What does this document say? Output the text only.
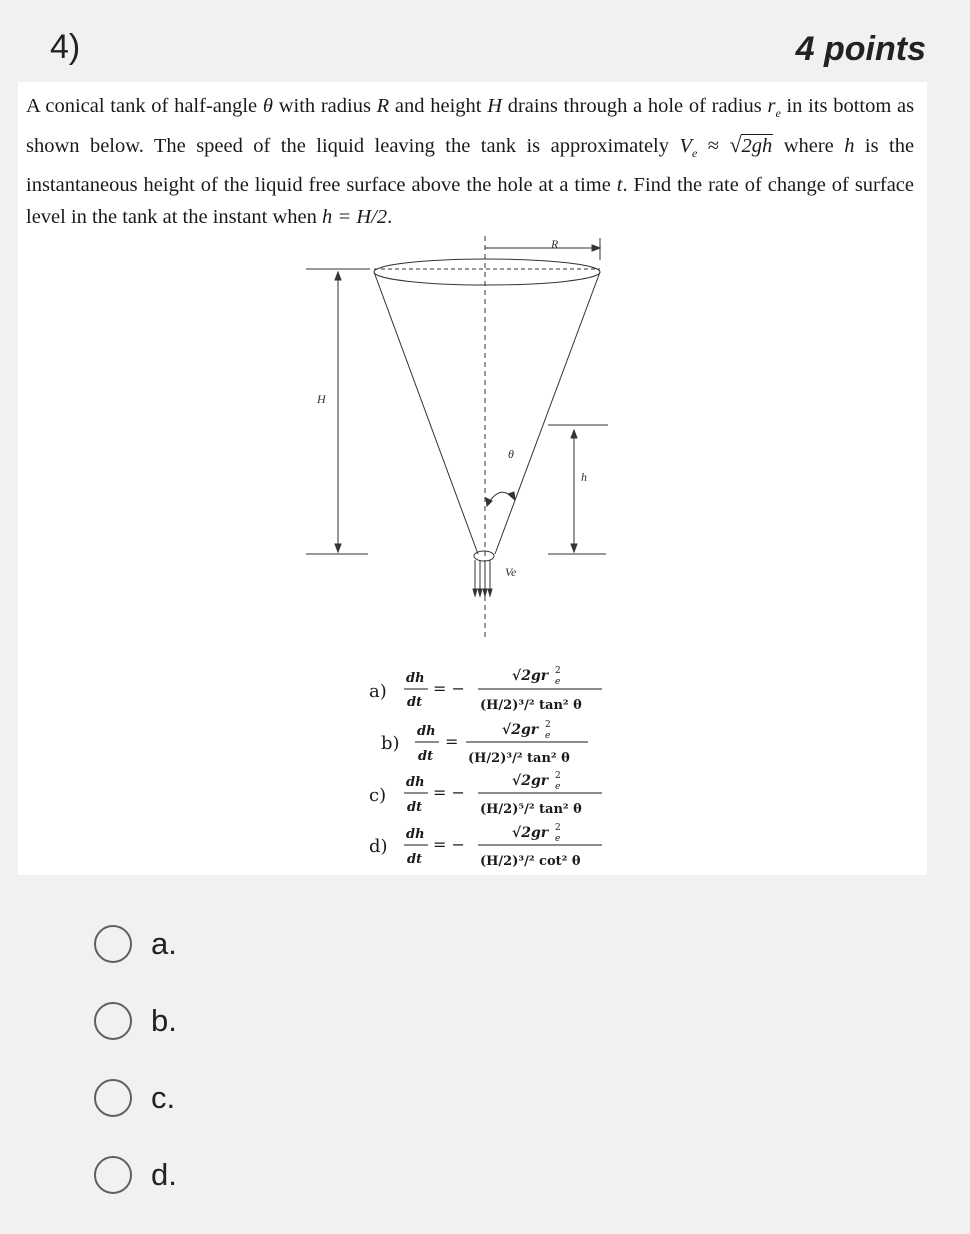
4)	4 points
A conical tank of half-angle θ with radius R and height H drains through a hole of radius $r_e$ in its bottom as shown below. The speed of the liquid leaving the tank is approximately $V_e \approx √2gh$ where h is the instantaneous height of the liquid free surface above the hole at a time t. Find the rate of change of surface level in the tank at the instant when h = H/2.
R
H
h
θ
Ve
a)
dh
dt
= −
√2gr 2
e
(H/2)³/² tan² θ
b)
dh
dt
=
√2gr 2
e
(H/2)³/² tan² θ
c)
dh
dt
= −
√2gr 2
e
(H/2)⁵/² tan² θ
d)
dh
dt
= −
√2gr 2
e
(H/2)³/² cot² θ
a.
b.
c.
d.
